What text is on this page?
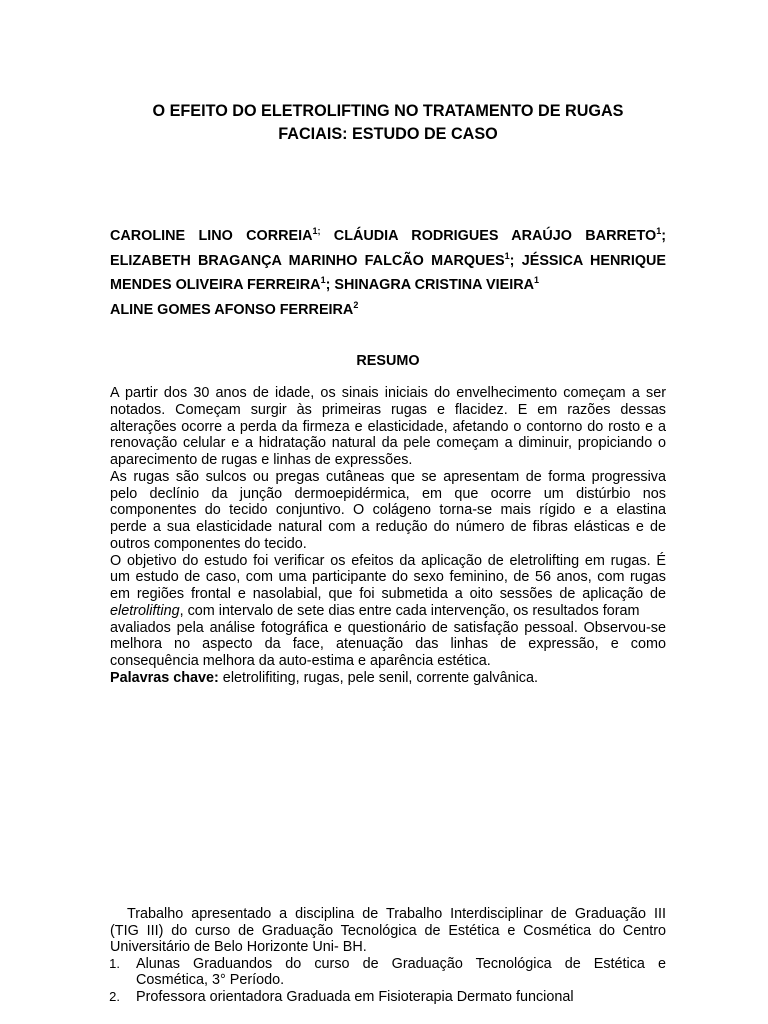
O EFEITO DO ELETROLIFTING NO TRATAMENTO DE RUGAS
FACIAIS: ESTUDO DE CASO
CAROLINE LINO $CORREIA^{1;}$ CLÁUDIA RODRIGUES ARAÚJO BARRETO$^1$;
ELIZABETH BRAGANÇA MARINHO FALCÃO MARQUES$^1$; JÉSSICA HENRIQUE
MENDES OLIVEIRA FERREIRA$^1$; SHINAGRA CRISTINA VIEIRA$^1$
ALINE GOMES AFONSO FERREIRA$^2$
RESUMO
A partir dos 30 anos de idade, os sinais iniciais do envelhecimento começam a ser
notados. Começam surgir às primeiras rugas e flacidez. E em razões dessas
alterações ocorre a perda da firmeza e elasticidade, afetando o contorno do rosto e a
renovação celular e a hidratação natural da pele começam a diminuir, propiciando o
aparecimento de rugas e linhas de expressões.
As rugas são sulcos ou pregas cutâneas que se apresentam de forma progressiva
pelo declínio da junção dermoepidérmica, em que ocorre um distúrbio nos
componentes do tecido conjuntivo. O colágeno torna-se mais rígido e a elastina
perde a sua elasticidade natural com a redução do número de fibras elásticas e de
outros componentes do tecido.
O objetivo do estudo foi verificar os efeitos da aplicação de eletrolifting em rugas. É
um estudo de caso, com uma participante do sexo feminino, de 56 anos, com rugas
em regiões frontal e nasolabial, que foi submetida a oito sessões de aplicação de
eletrolifting, com intervalo de sete dias entre cada intervenção, os resultados foram
avaliados pela análise fotográfica e questionário de satisfação pessoal. Observou-se
melhora no aspecto da face, atenuação das linhas de expressão, e como
consequência melhora da auto-estima e aparência estética.
Palavras chave: eletrolifiting, rugas, pele senil, corrente galvânica.
Trabalho apresentado a disciplina de Trabalho Interdisciplinar de Graduação III
(TIG III) do curso de Graduação Tecnológica de Estética e Cosmética do Centro
Universitário de Belo Horizonte Uni- BH.
1. Alunas Graduandos do curso de Graduação Tecnológica de Estética e
Cosmética, 3° Período.
2. Professora orientadora Graduada em Fisioterapia Dermato funcional
